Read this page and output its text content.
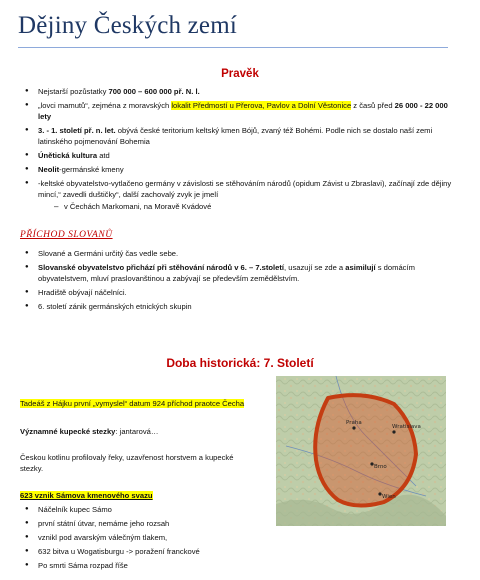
Dějiny Českých zemí
Pravěk
● Nejstarší pozůstatky 700 000 – 600 000 př. N. l.
● „lovci mamutů“, zejména z moravských lokalit Předmostí u Přerova, Pavlov a Dolní Věstonice z časů před 26 000 - 22 000 lety
● 3. - 1. století př. n. let. obývá české teritorium keltský kmen Bójů, zvaný též Bohémi. Podle nich se dostalo naší zemi latinského pojmenování Bohemia
● Únětická kultura atd
● Neolit-germánské kmeny
● -keltské obyvatelstvo-vytlačeno germány v závislosti se stěhováním národů (opidum Závist u Zbraslavi), začínají zde dějiny mincí,“ zavedli duštičky“, další zachovalý zvyk je jmelí
– v Čechách Markomani, na Moravě Kvádové
PŘÍCHOD SLOVANŮ
● Slované a Germáni určitý čas vedle sebe.
● Slovanské obyvatelstvo přichází při stěhování národů v 6. – 7.století, usazují se zde a asimilují s domácím obyvatelstvem, mluví praslovanštinou a zabývají se především zemědělstvím.
● Hradiště obývají náčelníci.
● 6. století zánik germánských etnických skupin
Doba historická: 7. Století
Tadeáš z Hájku první „vymyslel“ datum 924 příchod praotce Čecha
Významné kupecké stezky: jantarová…
Českou kotlinu profilovaly řeky, uzavřenost horstvem a kupecké stezky.
623 vznik Sámova kmenového svazu
● Náčelník kupec Sámo
● první státní útvar, nemáme jeho rozsah
● vznikl pod avarským válečným tlakem,
● 632 bitva u Wogatisburgu -> poražení franckové
● Po smrti Sáma rozpad říše
Wratislava
Praha
Brno
Wien
